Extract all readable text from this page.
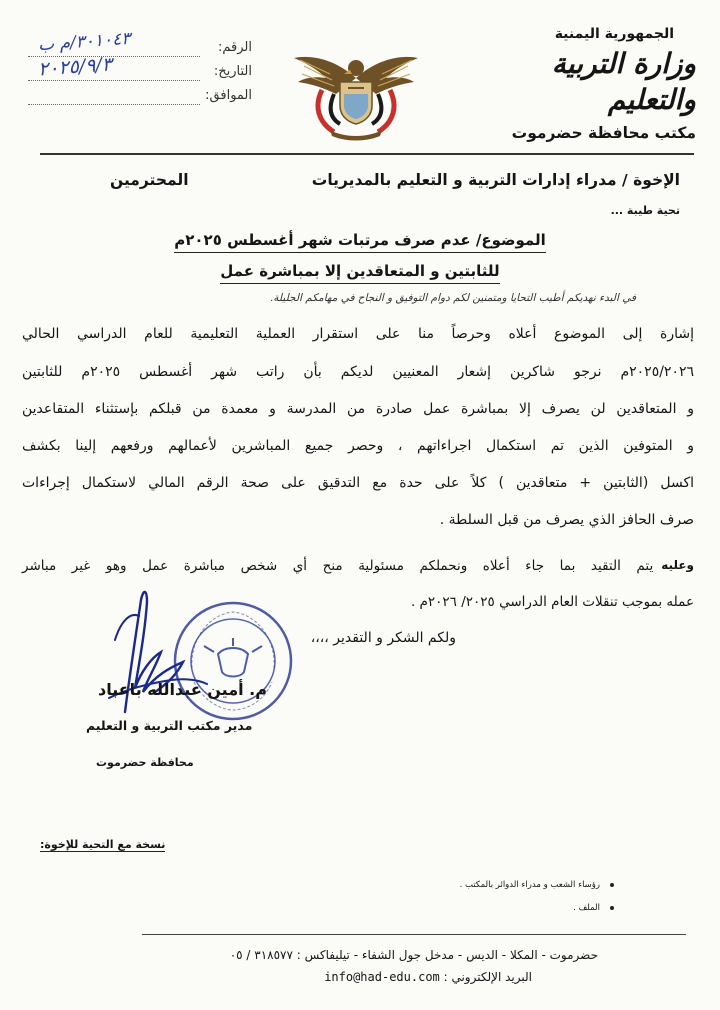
الجمهورية اليمنية
وزارة التربية والتعليم
مكتب محافظة حضرموت
الرقم:
٣٠١٠٤٣/م ب
التاريخ:
٢٠٢٥/٩/٣
الموافق:
الإخوة / مدراء إدارات التربية و التعليم بالمديريات
المحترمين
تحية طيبة ...
الموضوع/ عدم صرف مرتبات شهر أغسطس ٢٠٢٥م
للثابتين و المتعاقدين إلا بمباشرة عمل
في البدء نهديكم أطيب التحايا ومتمنين لكم دوام التوفيق و النجاح في مهامكم الجليلة.
إشارة إلى الموضوع أعلاه وحرصاً منا على استقرار العملية التعليمية للعام الدراسي الحالي
٢٠٢٥/٢٠٢٦م نرجو شاكرين إشعار المعنيين لديكم بأن راتب شهر أغسطس ٢٠٢٥م للثابتين
و المتعاقدين لن يصرف إلا بمباشرة عمل صادرة من المدرسة و معمدة من قبلكم بإستثناء المتقاعدين
و المتوفين الذين تم استكمال اجراءاتهم ، وحصر جميع المباشرين لأعمالهم ورفعهم إلينا بكشف
اكسل (الثابتين + متعاقدين ) كلاً على حدة مع التدقيق على صحة الرقم المالي لاستكمال إجراءات
صرف الحافز الذي يصرف من قبل السلطة .
وعليه
يتم التقيد بما جاء أعلاه ونحملكم مسئولية منح أي شخص مباشرة عمل وهو غير مباشر
عمله بموجب تنقلات العام الدراسي ٢٠٢٥/ ٢٠٢٦م .
ولكم الشكر و التقدير ،،،،
م. أمين عبدالله باعباد
مدير مكتب التربية و التعليم
محافظة حضرموت
نسخة مع التحية للإخوة:
رؤساء الشعب و مدراء الدوائر بالمكتب .
الملف .
حضرموت - المكلا - الديس - مدخل جول الشفاء - تيليفاكس : ٣١٨٥٧٧ / ٠٥
البريد الإلكتروني : info@had-edu.com
